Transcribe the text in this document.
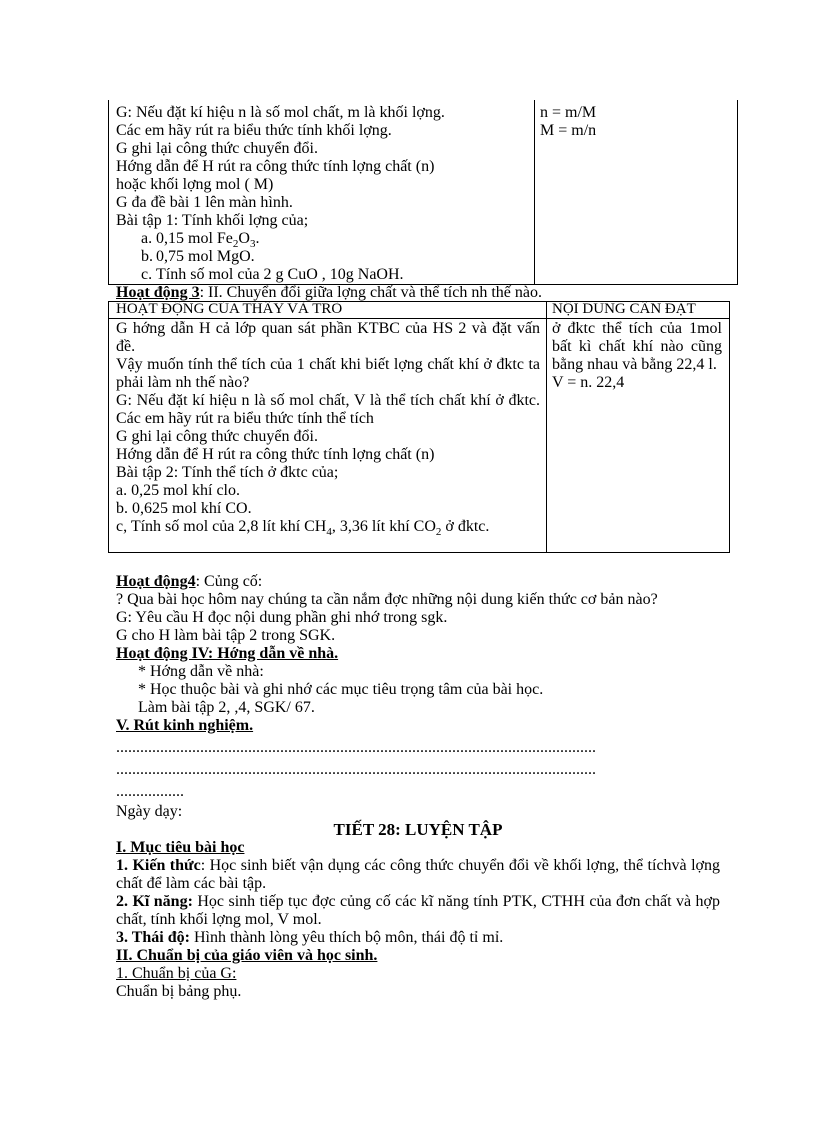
G: Nếu đặt kí hiệu n là số mol chất, m là khối lợng.
Các em hãy rút ra biểu thức tính khối lợng.
G ghi lại công thức chuyển đổi.
Hớng dẫn để H rút ra công thức tính lợng chất (n)
hoặc khối lợng mol ( M)
G đa đề bài 1 lên màn hình.
Bài tập 1: Tính khối lợng của;
a. 0,15 mol $Fe_2O_3$.
b. 0,75 mol MgO.
c. Tính số mol của 2 g CuO , 10g NaOH.
n = m/M
M = m/n
Hoạt động 3: II. Chuyển đổi giữa lợng chất và thể tích nh thế nào.
HOẠT ĐỘNG CỦA THẦY VÀ TRÒ	NỘI DUNG CẦN ĐẠT
G hớng dẫn H cả lớp quan sát phần KTBC của HS 2 và đặt vấn đề.
Vậy muốn tính thể tích của 1 chất khi biết lợng chất khí ở đktc ta phải làm nh thế nào?
G: Nếu đặt kí hiệu n là số mol chất, V là thể tích chất khí ở đktc. Các em hãy rút ra biểu thức tính thể tích
G ghi lại công thức chuyển đổi.
Hớng dẫn để H rút ra công thức tính lợng chất (n)
Bài tập 2: Tính thể tích ở đktc của;
a. 0,25 mol khí clo.
b. 0,625 mol khí CO.
c, Tính số mol của 2,8 lít khí $CH_4$, 3,36 lít khí $CO_2$ ở đktc.
ở đktc thể tích của 1mol bất kì chất khí nào cũng bằng nhau và bằng 22,4 l.
V = n. 22,4

Hoạt động4: Củng cố:

? Qua bài học hôm nay chúng ta cần nắm đợc những nội dung kiến thức cơ bản nào?

G: Yêu cầu H đọc nội dung phần ghi nhớ trong sgk.

G cho H làm bài tập 2 trong SGK.

Hoạt động IV: Hớng dẫn về nhà.

* Hớng dẫn về nhà:

* Học thuộc bài và ghi nhớ các mục tiêu trọng tâm của bài học.

Làm bài tập 2, ,4, SGK/ 67.

V. Rút kinh nghiệm.

........................................................................................................................

........................................................................................................................

.................

Ngày dạy:

TIẾT 28: LUYỆN TẬP

I. Mục tiêu bài học

1. Kiến thức: Học sinh biết vận dụng các công thức chuyển đổi về khối lợng, thể tíchvà lợng chất để làm các bài tập.

2. Kĩ năng: Học sinh tiếp tục đợc củng cố các kĩ năng tính PTK, CTHH của đơn chất và hợp chất, tính khối lợng mol, V mol.

3. Thái độ: Hình thành lòng yêu thích bộ môn, thái độ tỉ mỉ.

II. Chuẩn bị của giáo viên và học sinh.

1. Chuẩn bị của G:

Chuẩn bị bảng phụ.
